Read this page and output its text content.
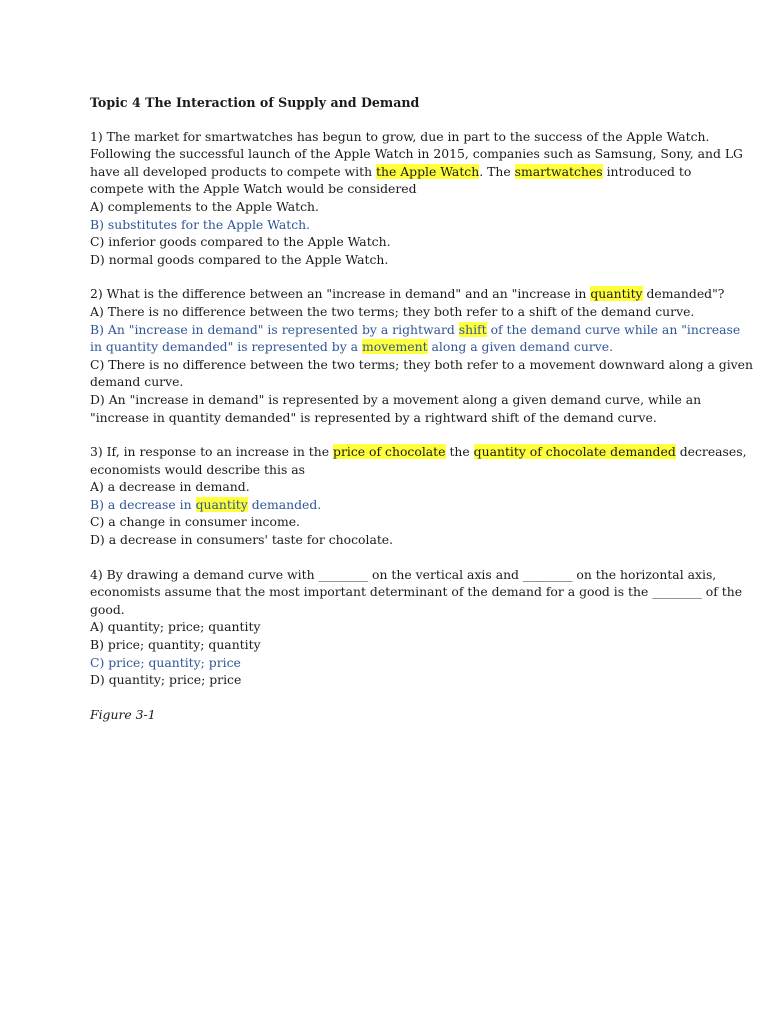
Topic 4 The Interaction of Supply and Demand
1) The market for smartwatches has begun to grow, due in part to the success of the Apple Watch.
Following the successful launch of the Apple Watch in 2015, companies such as Samsung, Sony, and LG
have all developed products to compete with the Apple Watch. The smartwatches introduced to
compete with the Apple Watch would be considered
A) complements to the Apple Watch.
B) substitutes for the Apple Watch.
C) inferior goods compared to the Apple Watch.
D) normal goods compared to the Apple Watch.
2) What is the difference between an "increase in demand" and an "increase in quantity demanded"?
A) There is no difference between the two terms; they both refer to a shift of the demand curve.
B) An "increase in demand" is represented by a rightward shift of the demand curve while an "increase
in quantity demanded" is represented by a movement along a given demand curve.
C) There is no difference between the two terms; they both refer to a movement downward along a given
demand curve.
D) An "increase in demand" is represented by a movement along a given demand curve, while an
"increase in quantity demanded" is represented by a rightward shift of the demand curve.
3) If, in response to an increase in the price of chocolate the quantity of chocolate demanded decreases,
economists would describe this as
A) a decrease in demand.
B) a decrease in quantity demanded.
C) a change in consumer income.
D) a decrease in consumers' taste for chocolate.
4) By drawing a demand curve with ________ on the vertical axis and ________ on the horizontal axis,
economists assume that the most important determinant of the demand for a good is the ________ of the
good.
A) quantity; price; quantity
B) price; quantity; quantity
C) price; quantity; price
D) quantity; price; price
Figure 3-1
